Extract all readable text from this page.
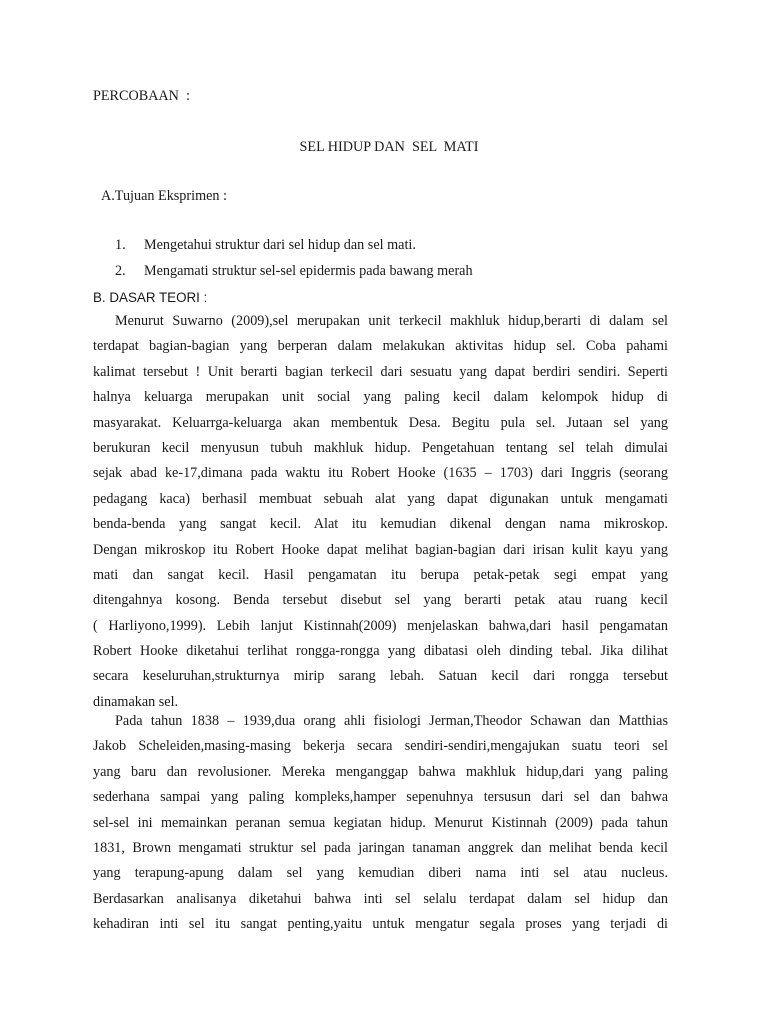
PERCOBAAN  :
SEL HIDUP DAN  SEL  MATI
A.Tujuan Eksprimen :
1. Mengetahui struktur dari sel hidup dan sel mati.
2. Mengamati struktur sel-sel epidermis pada bawang merah
B. DASAR TEORI :
Menurut Suwarno (2009),sel merupakan unit terkecil makhluk hidup,berarti di dalam sel
terdapat bagian-bagian yang berperan dalam melakukan aktivitas hidup sel. Coba pahami
kalimat tersebut ! Unit berarti bagian terkecil dari sesuatu yang dapat berdiri sendiri. Seperti
halnya keluarga merupakan unit social yang paling kecil dalam kelompok hidup di
masyarakat. Keluarrga-keluarga akan membentuk Desa. Begitu pula sel. Jutaan sel yang
berukuran kecil menyusun tubuh makhluk hidup. Pengetahuan tentang sel telah dimulai
sejak abad ke-17,dimana pada waktu itu Robert Hooke (1635 – 1703) dari Inggris (seorang
pedagang kaca) berhasil membuat sebuah alat yang dapat digunakan untuk mengamati
benda-benda yang sangat kecil. Alat itu kemudian dikenal dengan nama mikroskop.
Dengan mikroskop itu Robert Hooke dapat melihat bagian-bagian dari irisan kulit kayu yang
mati dan sangat kecil. Hasil pengamatan itu berupa petak-petak segi empat yang
ditengahnya kosong. Benda tersebut disebut sel yang berarti petak atau ruang kecil
( Harliyono,1999). Lebih lanjut Kistinnah(2009) menjelaskan bahwa,dari hasil pengamatan
Robert Hooke diketahui terlihat rongga-rongga yang dibatasi oleh dinding tebal. Jika dilihat
secara keseluruhan,strukturnya mirip sarang lebah. Satuan kecil dari rongga tersebut
dinamakan sel.
Pada tahun 1838 – 1939,dua orang ahli fisiologi Jerman,Theodor Schawan dan Matthias
Jakob Scheleiden,masing-masing bekerja secara sendiri-sendiri,mengajukan suatu teori sel
yang baru dan revolusioner. Mereka menganggap bahwa makhluk hidup,dari yang paling
sederhana sampai yang paling kompleks,hamper sepenuhnya tersusun dari sel dan bahwa
sel-sel ini memainkan peranan semua kegiatan hidup. Menurut Kistinnah (2009) pada tahun
1831, Brown mengamati struktur sel pada jaringan tanaman anggrek dan melihat benda kecil
yang terapung-apung dalam sel yang kemudian diberi nama inti sel atau nucleus.
Berdasarkan analisanya diketahui bahwa inti sel selalu terdapat dalam sel hidup dan
kehadiran inti sel itu sangat penting,yaitu untuk mengatur segala proses yang terjadi di
